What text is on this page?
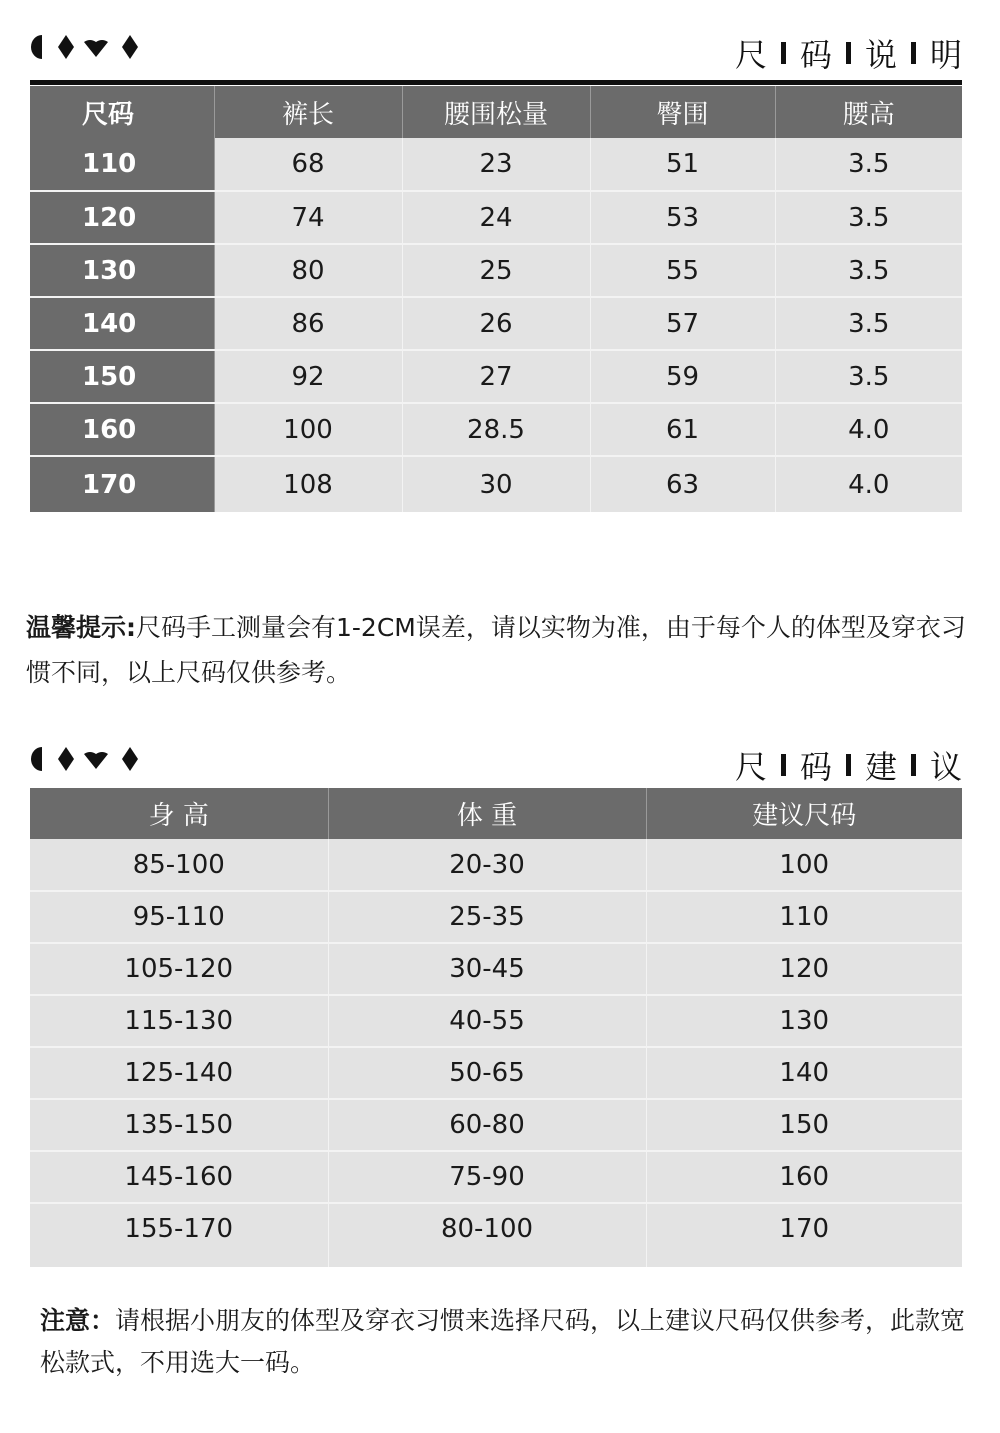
尺 码 说 明
尺码	裤长	腰围松量	臀围	腰高
110	68	23	51	3.5
120	74	24	53	3.5
130	80	25	55	3.5
140	86	26	57	3.5
150	92	27	59	3.5
160	100	28.5	61	4.0
170	108	30	63	4.0
温馨提示:尺码手工测量会有1-2CM误差，请以实物为准，由于每个人的体型及穿衣习惯不同，以上尺码仅供参考。
尺 码 建 议
身 高	体 重	建议尺码
85-100	20-30	100
95-110	25-35	110
105-120	30-45	120
115-130	40-55	130
125-140	50-65	140
135-150	60-80	150
145-160	75-90	160
155-170	80-100	170
注意：请根据小朋友的体型及穿衣习惯来选择尺码，以上建议尺码仅供参考，此款宽松款式，不用选大一码。
